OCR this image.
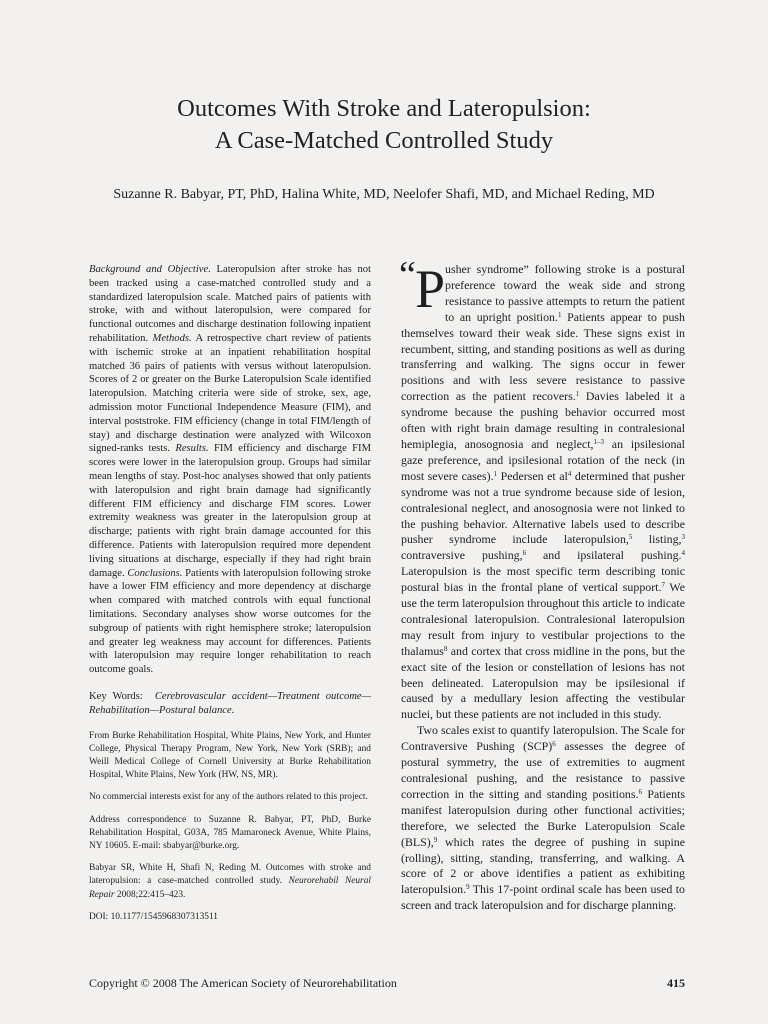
Outcomes With Stroke and Lateropulsion:
A Case-Matched Controlled Study
Suzanne R. Babyar, PT, PhD, Halina White, MD, Neelofer Shafi, MD, and Michael Reding, MD

Background and Objective. Lateropulsion after stroke has not been tracked using a case-matched controlled study and a standardized lateropulsion scale. Matched pairs of patients with stroke, with and without lateropulsion, were compared for functional outcomes and discharge destination following inpatient rehabilitation. Methods. A retrospective chart review of patients with ischemic stroke at an inpatient rehabilitation hospital matched 36 pairs of patients with versus without lateropulsion. Scores of 2 or greater on the Burke Lateropulsion Scale identified lateropulsion. Matching criteria were side of stroke, sex, age, admission motor Functional Independence Measure (FIM), and interval poststroke. FIM efficiency (change in total FIM/length of stay) and discharge destination were analyzed with Wilcoxon signed-ranks tests. Results. FIM efficiency and discharge FIM scores were lower in the lateropulsion group. Groups had similar mean lengths of stay. Post-hoc analyses showed that only patients with lateropulsion and right brain damage had significantly different FIM efficiency and discharge FIM scores. Lower extremity weakness was greater in the lateropulsion group at discharge; patients with right brain damage accounted for this difference. Patients with lateropulsion required more dependent living situations at discharge, especially if they had right brain damage. Conclusions. Patients with lateropulsion following stroke have a lower FIM efficiency and more dependency at discharge when compared with matched controls with equal functional limitations. Secondary analyses show worse outcomes for the subgroup of patients with right hemisphere stroke; lateropulsion and greater leg weakness may account for differences. Patients with lateropulsion may require longer rehabilitation to reach outcome goals.

Key Words: Cerebrovascular accident—Treatment outcome—Rehabilitation—Postural balance.

From Burke Rehabilitation Hospital, White Plains, New York, and Hunter College, Physical Therapy Program, New York, New York (SRB); and Weill Medical College of Cornell University at Burke Rehabilitation Hospital, White Plains, New York (HW, NS, MR).

No commercial interests exist for any of the authors related to this project.

Address correspondence to Suzanne R. Babyar, PT, PhD, Burke Rehabilitation Hospital, G03A, 785 Mamaroneck Avenue, White Plains, NY 10605. E-mail: sbabyar@burke.org.

Babyar SR, White H, Shafi N, Reding M. Outcomes with stroke and lateropulsion: a case-matched controlled study. Neurorehabil Neural Repair 2008;22:415–423.

DOI: 10.1177/1545968307313511

“ P usher syndrome” following stroke is a postural preference toward the weak side and strong resistance to passive attempts to return the patient to an upright position.$^1$ Patients appear to push themselves toward their weak side. These signs exist in recumbent, sitting, and standing positions as well as during transferring and walking. The signs occur in fewer positions and with less severe resistance to passive correction as the patient recovers.$^1$ Davies labeled it a syndrome because the pushing behavior occurred most often with right brain damage resulting in contralesional hemiplegia, anosognosia and neglect,$^{1-3}$ an ipsilesional gaze preference, and ipsilesional rotation of the neck (in most severe cases).$^1$ Pedersen et $al^4$ determined that pusher syndrome was not a true syndrome because side of lesion, contralesional neglect, and anosognosia were not linked to the pushing behavior. Alternative labels used to describe pusher syndrome include lateropulsion,$^5$ listing,$^3$ contraversive pushing,$^6$ and ipsilateral pushing.$^4$ Lateropulsion is the most specific term describing tonic postural bias in the frontal plane of vertical support.$^7$ We use the term lateropulsion throughout this article to indicate contralesional lateropulsion. Contralesional lateropulsion may result from injury to vestibular projections to the thalamus$^8$ and cortex that cross midline in the pons, but the exact site of the lesion or constellation of lesions has not been delineated. Lateropulsion may be ipsilesional if caused by a medullary lesion affecting the vestibular nuclei, but these patients are not included in this study.

Two scales exist to quantify lateropulsion. The Scale for Contraversive Pushing (SCP)$^6$ assesses the degree of postural symmetry, the use of extremities to augment contralesional pushing, and the resistance to passive correction in the sitting and standing positions.$^6$ Patients manifest lateropulsion during other functional activities; therefore, we selected the Burke Lateropulsion Scale (BLS),$^9$ which rates the degree of pushing in supine (rolling), sitting, standing, transferring, and walking. A score of 2 or above identifies a patient as exhibiting lateropulsion.$^9$ This 17-point ordinal scale has been used to screen and track lateropulsion and for discharge planning.

Copyright © 2008 The American Society of Neurorehabilitation	415
